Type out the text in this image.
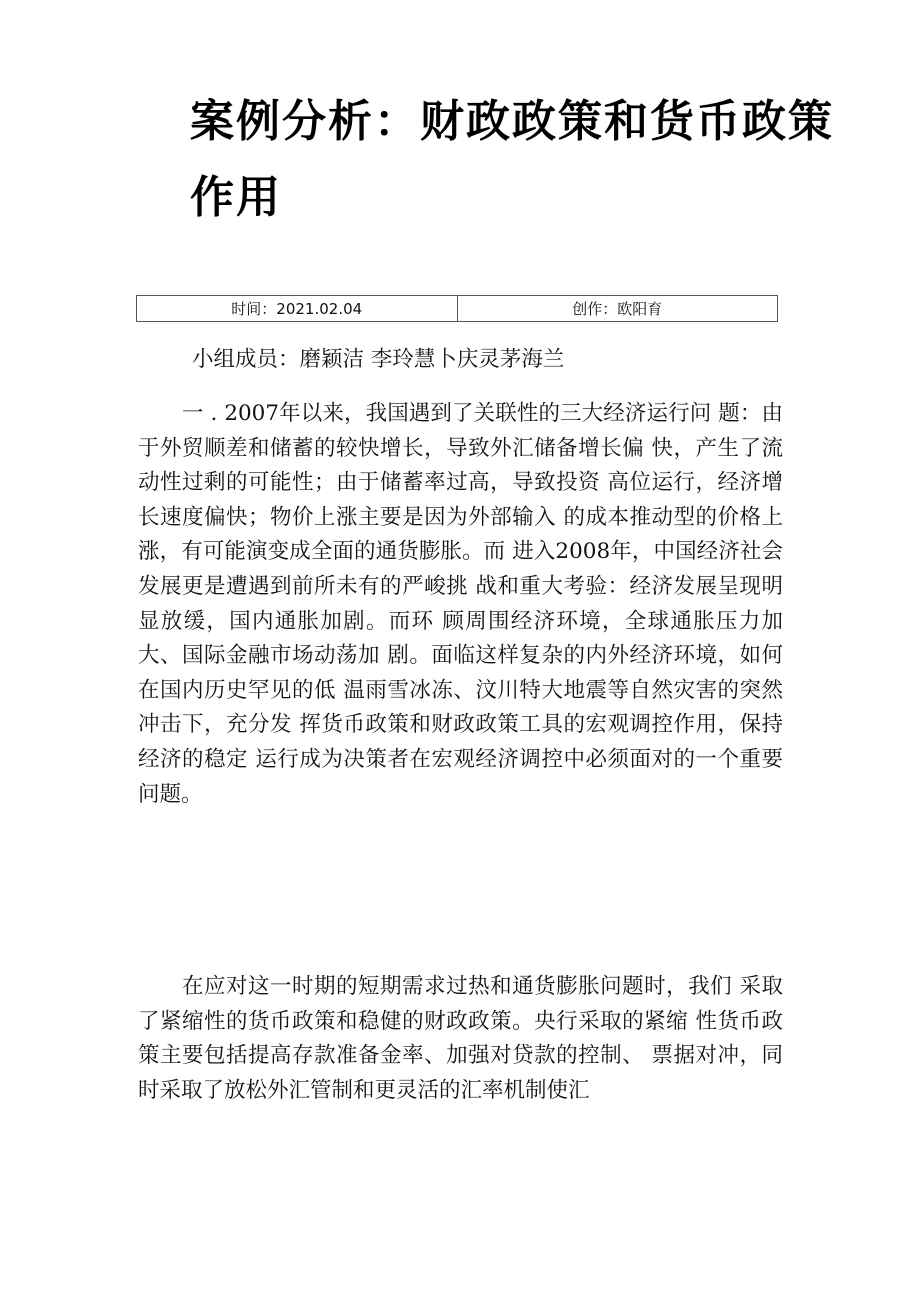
案例分析：财政政策和货币政策
作用
时间：2021.02.04	创作：欧阳育
小组成员：磨颖洁 李玲慧卜庆灵茅海兰

一 . 2007年以来，我国遇到了关联性的三大经济运行问 题：由于外贸顺差和储蓄的较快增长，导致外汇储备增长偏 快，产生了流动性过剩的可能性；由于储蓄率过高，导致投资 高位运行，经济增长速度偏快；物价上涨主要是因为外部输入 的成本推动型的价格上涨，有可能演变成全面的通货膨胀。而 进入2008年，中国经济社会发展更是遭遇到前所未有的严峻挑 战和重大考验：经济发展呈现明显放缓，国内通胀加剧。而环 顾周围经济环境，全球通胀压力加大、国际金融市场动荡加 剧。面临这样复杂的内外经济环境，如何在国内历史罕见的低 温雨雪冰冻、汶川特大地震等自然灾害的突然冲击下，充分发 挥货币政策和财政政策工具的宏观调控作用，保持经济的稳定 运行成为决策者在宏观经济调控中必须面对的一个重要问题。

在应对这一时期的短期需求过热和通货膨胀问题时，我们 采取了紧缩性的货币政策和稳健的财政政策。央行采取的紧缩 性货币政策主要包括提高存款准备金率、加强对贷款的控制、 票据对冲，同时采取了放松外汇管制和更灵活的汇率机制使汇
